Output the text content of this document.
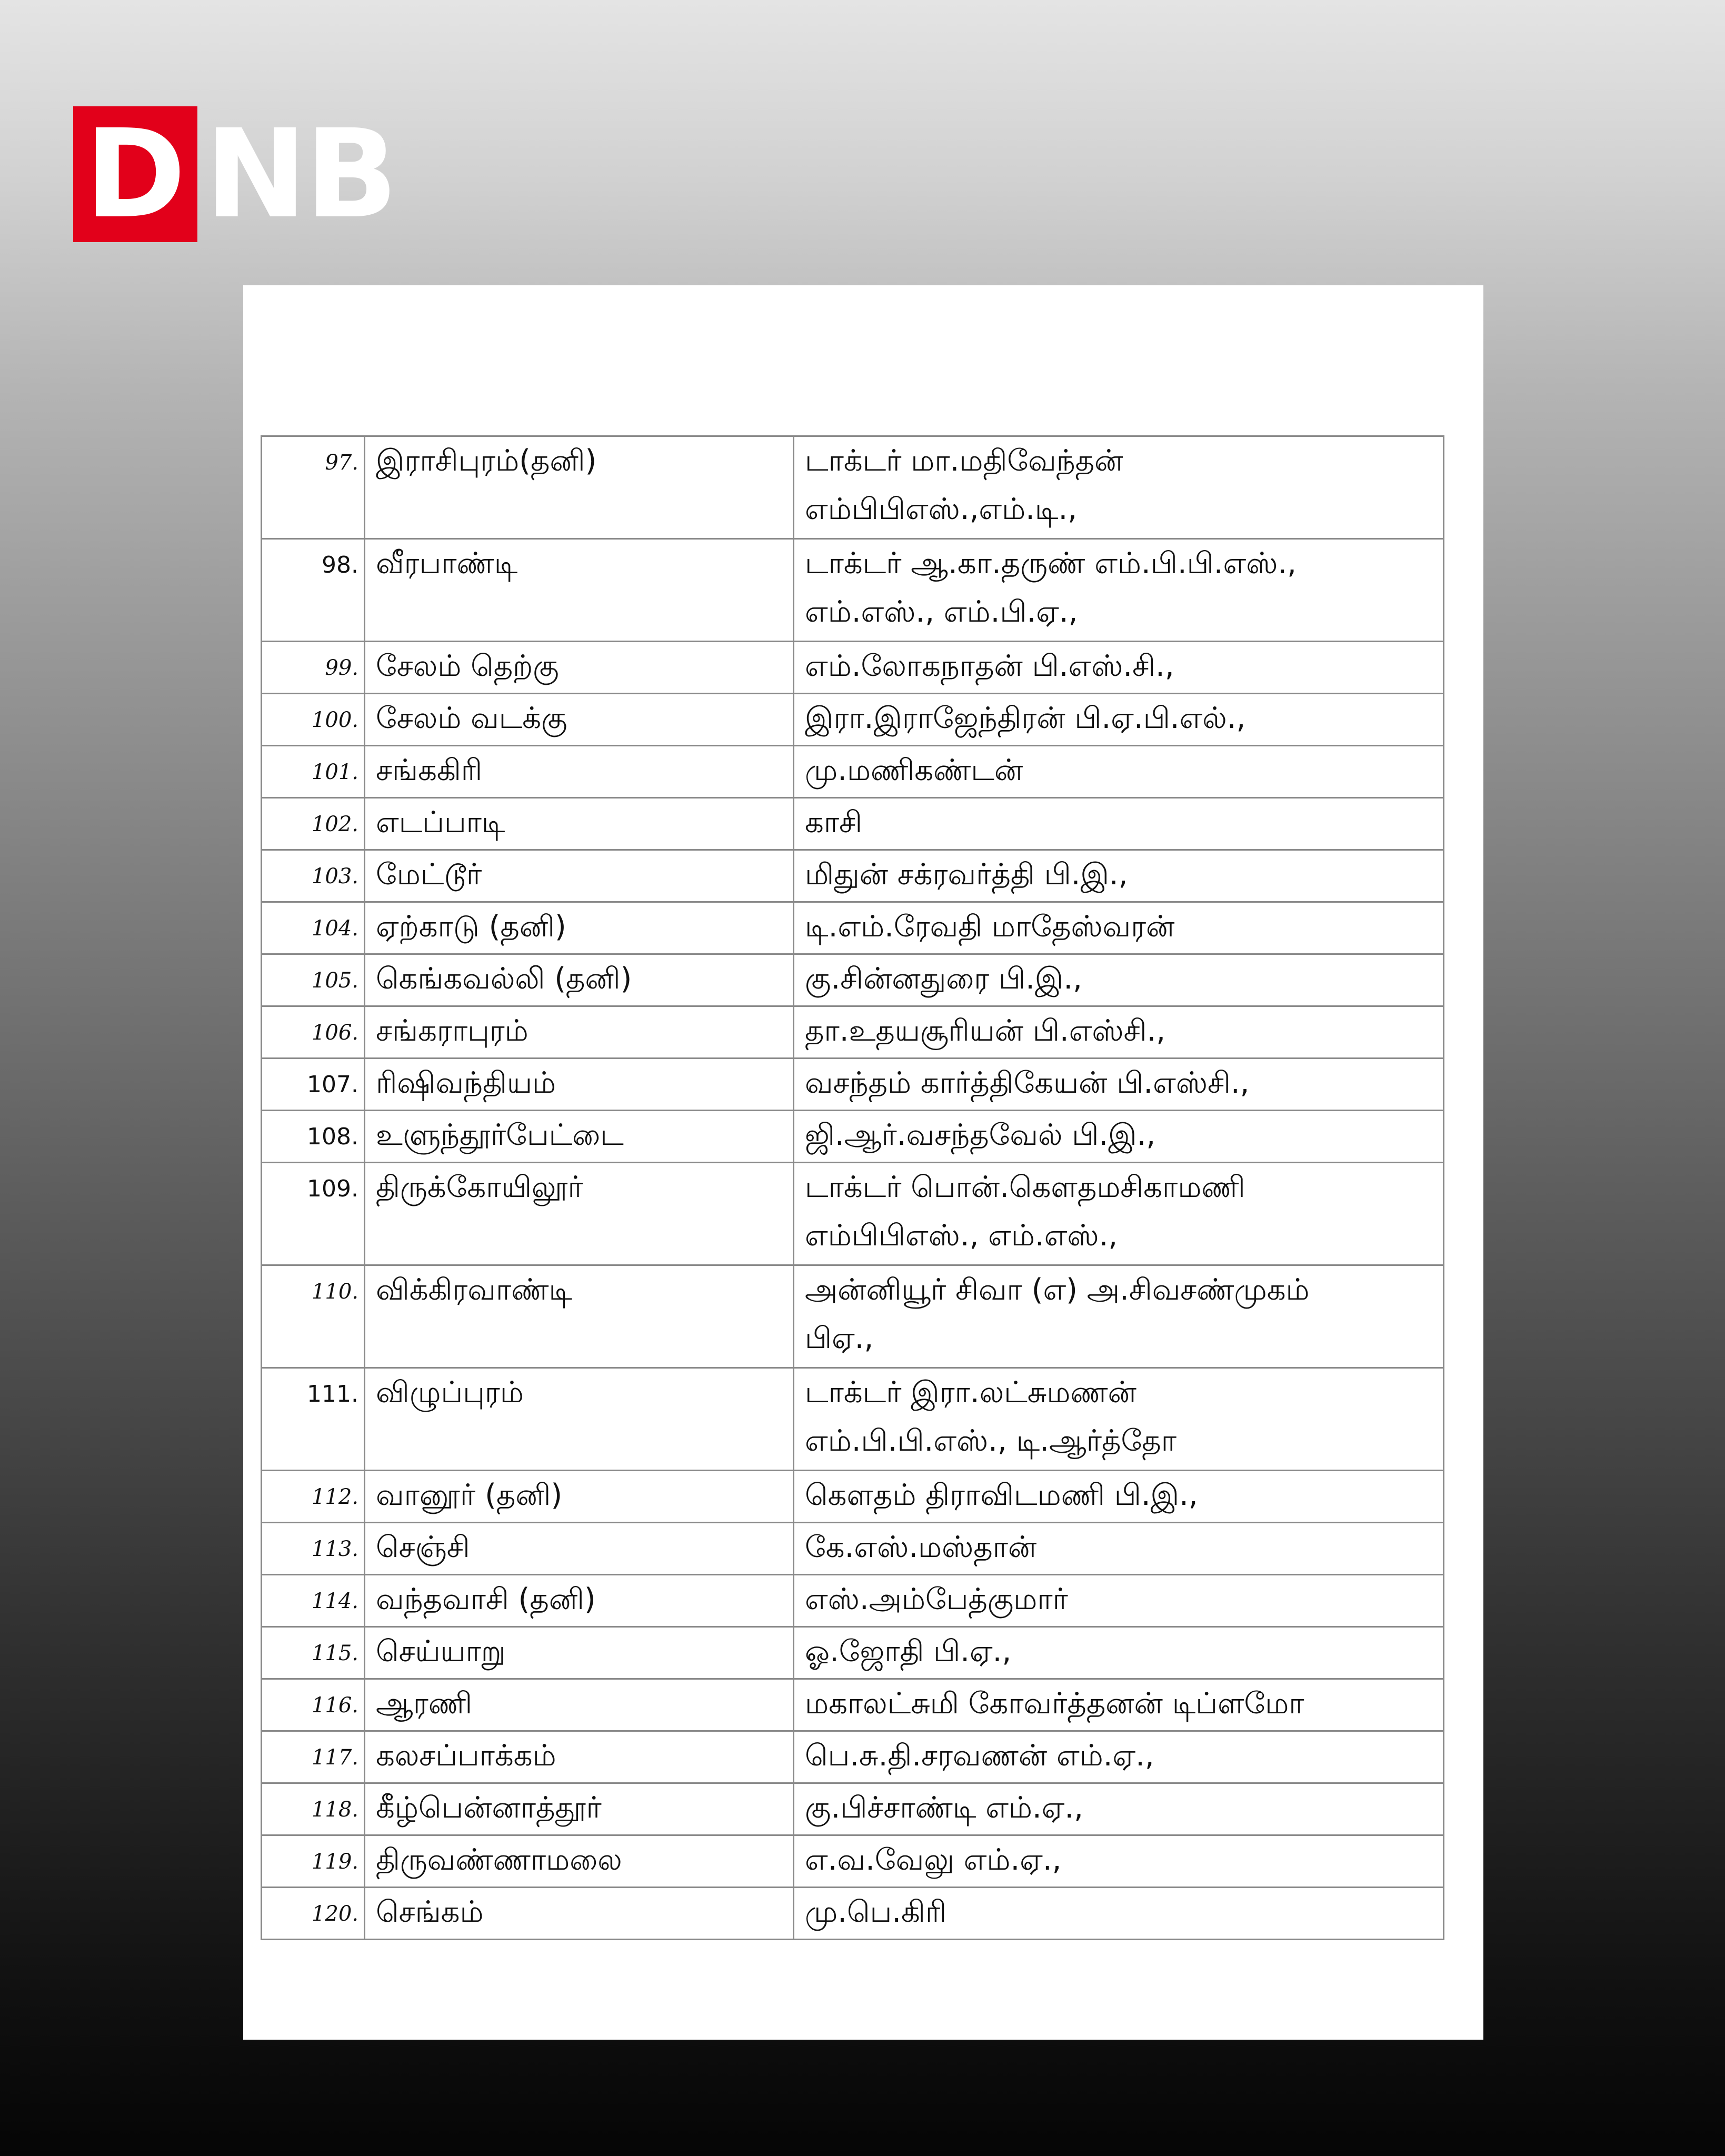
D NB
97.	இராசிபுரம்(தனி)	டாக்டர் மா.மதிவேந்தன்
எம்பிபிஎஸ்.,எம்.டி.,

98.	வீரபாண்டி	டாக்டர் ஆ.கா.தருண் எம்.பி.பி.எஸ்.,
எம்.எஸ்., எம்.பி.ஏ.,

99.	சேலம் தெற்கு	எம்.லோகநாதன் பி.எஸ்.சி.,

100.	சேலம் வடக்கு	இரா.இராஜேந்திரன் பி.ஏ.பி.எல்.,

101.	சங்ககிரி	மு.மணிகண்டன்

102.	எடப்பாடி	காசி

103.	மேட்டூர்	மிதுன் சக்ரவர்த்தி பி.இ.,

104.	ஏற்காடு (தனி)	டி.எம்.ரேவதி மாதேஸ்வரன்

105.	கெங்கவல்லி (தனி)	கு.சின்னதுரை பி.இ.,

106.	சங்கராபுரம்	தா.உதயசூரியன் பி.எஸ்சி.,

107.	ரிஷிவந்தியம்	வசந்தம் கார்த்திகேயன் பி.எஸ்சி.,

108.	உளுந்தூர்பேட்டை	ஜி.ஆர்.வசந்தவேல் பி.இ.,

109.	திருக்கோயிலூர்	டாக்டர் பொன்.கௌதமசிகாமணி
எம்பிபிஎஸ்., எம்.எஸ்.,

110.	விக்கிரவாண்டி	அன்னியூர் சிவா (எ) அ.சிவசண்முகம்
பிஏ.,

111.	விழுப்புரம்	டாக்டர் இரா.லட்சுமணன்
எம்.பி.பி.எஸ்., டி.ஆர்த்தோ

112.	வானூர் (தனி)	கௌதம் திராவிடமணி பி.இ.,

113.	செஞ்சி	கே.எஸ்.மஸ்தான்

114.	வந்தவாசி (தனி)	எஸ்.அம்பேத்குமார்

115.	செய்யாறு	ஓ.ஜோதி பி.ஏ.,

116.	ஆரணி	மகாலட்சுமி கோவர்த்தனன் டிப்ளமோ

117.	கலசப்பாக்கம்	பெ.சு.தி.சரவணன் எம்.ஏ.,

118.	கீழ்பென்னாத்தூர்	கு.பிச்சாண்டி எம்.ஏ.,

119.	திருவண்ணாமலை	எ.வ.வேலு எம்.ஏ.,

120.	செங்கம்	மு.பெ.கிரி
